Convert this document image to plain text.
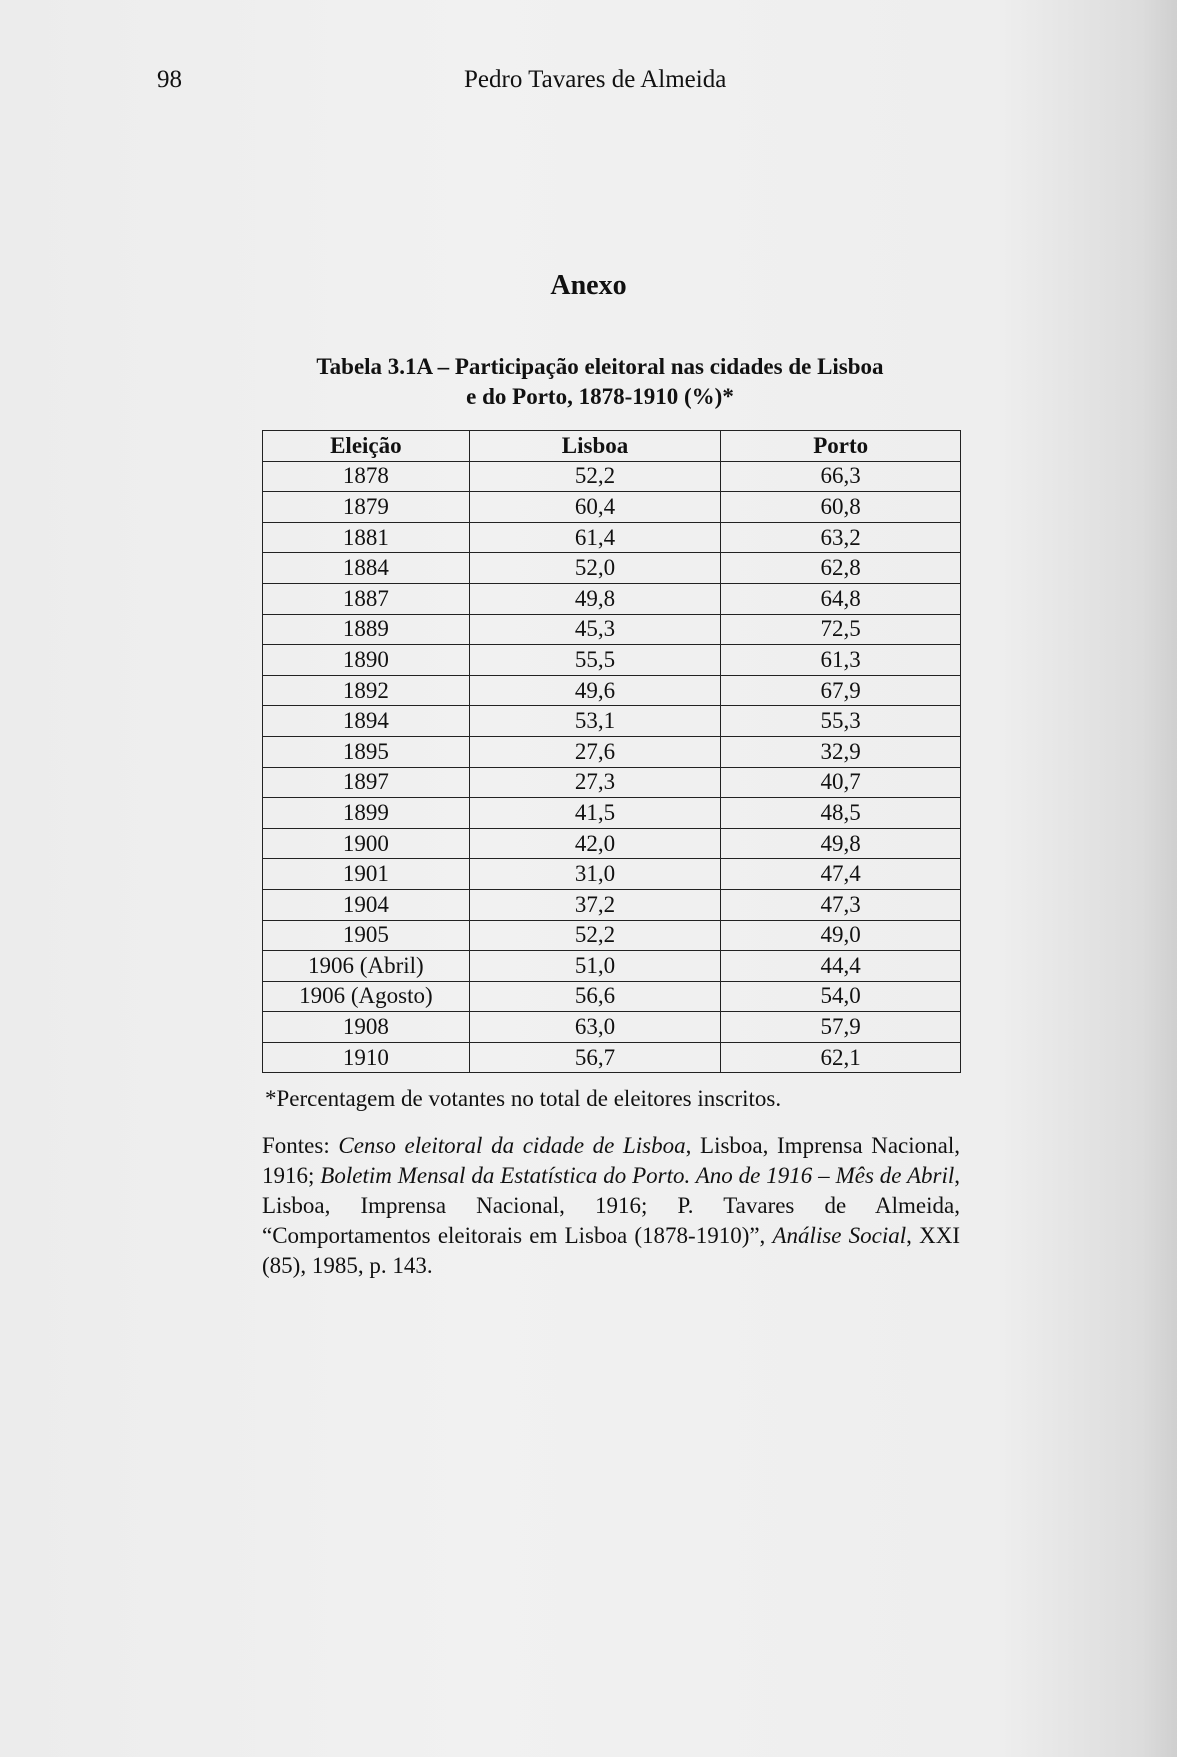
98	Pedro Tavares de Almeida
Anexo
Tabela 3.1A – Participação eleitoral nas cidades de Lisboa
e do Porto, 1878-1910 (%)*
Eleição	Lisboa	Porto
1878	52,2	66,3
1879	60,4	60,8
1881	61,4	63,2
1884	52,0	62,8
1887	49,8	64,8
1889	45,3	72,5
1890	55,5	61,3
1892	49,6	67,9
1894	53,1	55,3
1895	27,6	32,9
1897	27,3	40,7
1899	41,5	48,5
1900	42,0	49,8
1901	31,0	47,4
1904	37,2	47,3
1905	52,2	49,0
1906 (Abril)	51,0	44,4
1906 (Agosto)	56,6	54,0
1908	63,0	57,9
1910	56,7	62,1
*Percentagem de votantes no total de eleitores inscritos.
Fontes: Censo eleitoral da cidade de Lisboa, Lisboa, Imprensa Nacional, 1916; Boletim Mensal da Estatística do Porto. Ano de 1916 – Mês de Abril, Lisboa, Imprensa Nacional, 1916; P. Tavares de Almeida, “Comportamentos eleitorais em Lisboa (1878-1910)”, Análise Social, XXI (85), 1985, p. 143.
